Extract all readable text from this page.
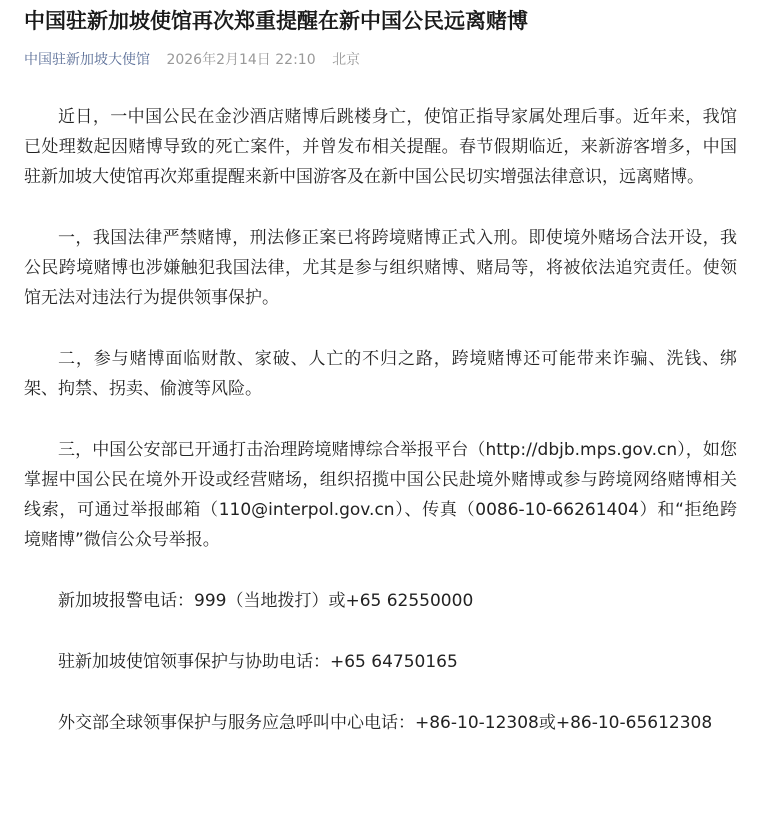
中国驻新加坡使馆再次郑重提醒在新中国公民远离赌博
中国驻新加坡大使馆 2026年2月14日 22:10 北京

近日，一中国公民在金沙酒店赌博后跳楼身亡，使馆正指导家属处理后事。近年来，我馆已处理数起因赌博导致的死亡案件，并曾发布相关提醒。春节假期临近，来新游客增多，中国驻新加坡大使馆再次郑重提醒来新中国游客及在新中国公民切实增强法律意识，远离赌博。

一，我国法律严禁赌博，刑法修正案已将跨境赌博正式入刑。即使境外赌场合法开设，我公民跨境赌博也涉嫌触犯我国法律，尤其是参与组织赌博、赌局等，将被依法追究责任。使领馆无法对违法行为提供领事保护。

二，参与赌博面临财散、家破、人亡的不归之路，跨境赌博还可能带来诈骗、洗钱、绑架、拘禁、拐卖、偷渡等风险。

三，中国公安部已开通打击治理跨境赌博综合举报平台（http://dbjb.mps.gov.cn），如您掌握中国公民在境外开设或经营赌场，组织招揽中国公民赴境外赌博或参与跨境网络赌博相关线索，可通过举报邮箱（110@interpol.gov.cn）、传真（0086-10-66261404）和“拒绝跨境赌博”微信公众号举报。

新加坡报警电话：999（当地拨打）或+65 62550000

驻新加坡使馆领事保护与协助电话：+65 64750165

外交部全球领事保护与服务应急呼叫中心电话：+86-10-12308或+86-10-65612308
